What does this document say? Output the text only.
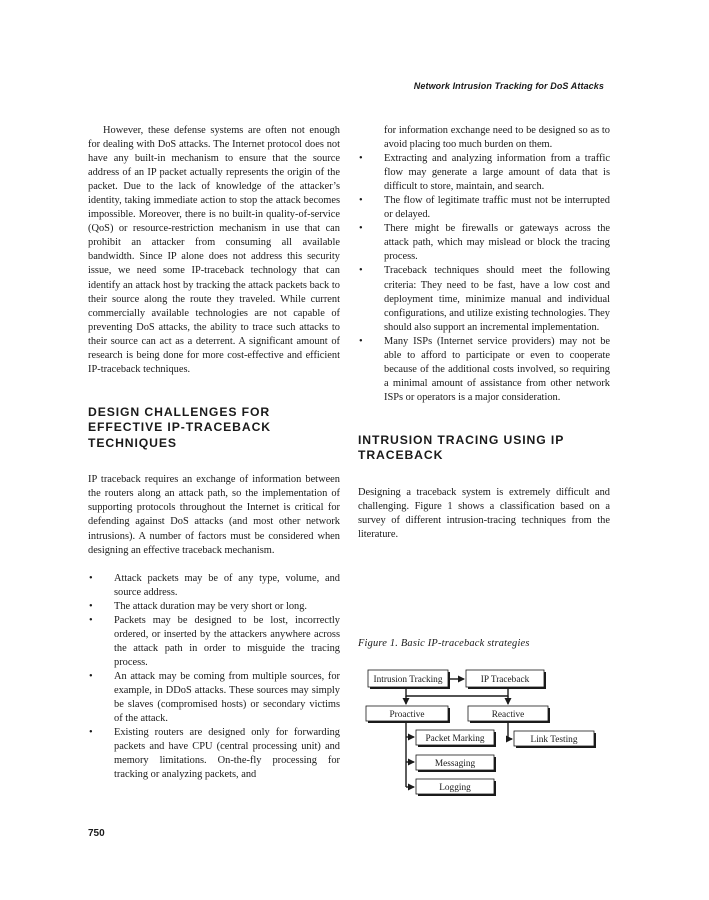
Network Intrusion Tracking for DoS Attacks

However, these defense systems are often not enough for dealing with DoS attacks. The Internet protocol does not have any built-in mechanism to ensure that the source address of an IP packet actually represents the origin of the packet. Due to the lack of knowledge of the attacker’s identity, taking immediate action to stop the attack becomes impossible. Moreover, there is no built-in quality-of-service (QoS) or resource-restriction mechanism in use that can prohibit an attacker from consuming all available bandwidth. Since IP alone does not address this security issue, we need some IP-traceback technology that can identify an attack host by tracking the attack packets back to their source along the route they traveled. While current commercially available technologies are not capable of preventing DoS attacks, the ability to trace such attacks to their source can act as a deterrent. A significant amount of research is being done for more cost-effective and efficient IP-traceback techniques.

DESIGN CHALLENGES FOR EFFECTIVE IP-TRACEBACK TECHNIQUES

IP traceback requires an exchange of information between the routers along an attack path, so the implementation of supporting protocols throughout the Internet is critical for defending against DoS attacks (and most other network intrusions). A number of factors must be considered when designing an effective traceback mechanism.

• Attack packets may be of any type, volume, and source address.
• The attack duration may be very short or long.
• Packets may be designed to be lost, incorrectly ordered, or inserted by the attackers anywhere across the attack path in order to misguide the tracing process.
• An attack may be coming from multiple sources, for example, in DDoS attacks. These sources may simply be slaves (compromised hosts) or secondary victims of the attack.
• Existing routers are designed only for forwarding packets and have CPU (central processing unit) and memory limitations. On-the-fly processing for tracking or analyzing packets, and

for information exchange need to be designed so as to avoid placing too much burden on them.

• Extracting and analyzing information from a traffic flow may generate a large amount of data that is difficult to store, maintain, and search.
• The flow of legitimate traffic must not be interrupted or delayed.
• There might be firewalls or gateways across the attack path, which may mislead or block the tracing process.
• Traceback techniques should meet the following criteria: They need to be fast, have a low cost and deployment time, minimize manual and individual configurations, and utilize existing technologies. They should also support an incremental implementation.
• Many ISPs (Internet service providers) may not be able to afford to participate or even to cooperate because of the additional costs involved, so requiring a minimal amount of assistance from other network ISPs or operators is a major consideration.
INTRUSION TRACING USING IP TRACEBACK

Designing a traceback system is extremely difficult and challenging. Figure 1 shows a classification based on a survey of different intrusion-tracing techniques from the literature.

Figure 1. Basic IP-traceback strategies
Intrusion Tracking	IP Traceback
Proactive	Reactive
Packet Marking	Link Testing
Messaging
Logging
750
